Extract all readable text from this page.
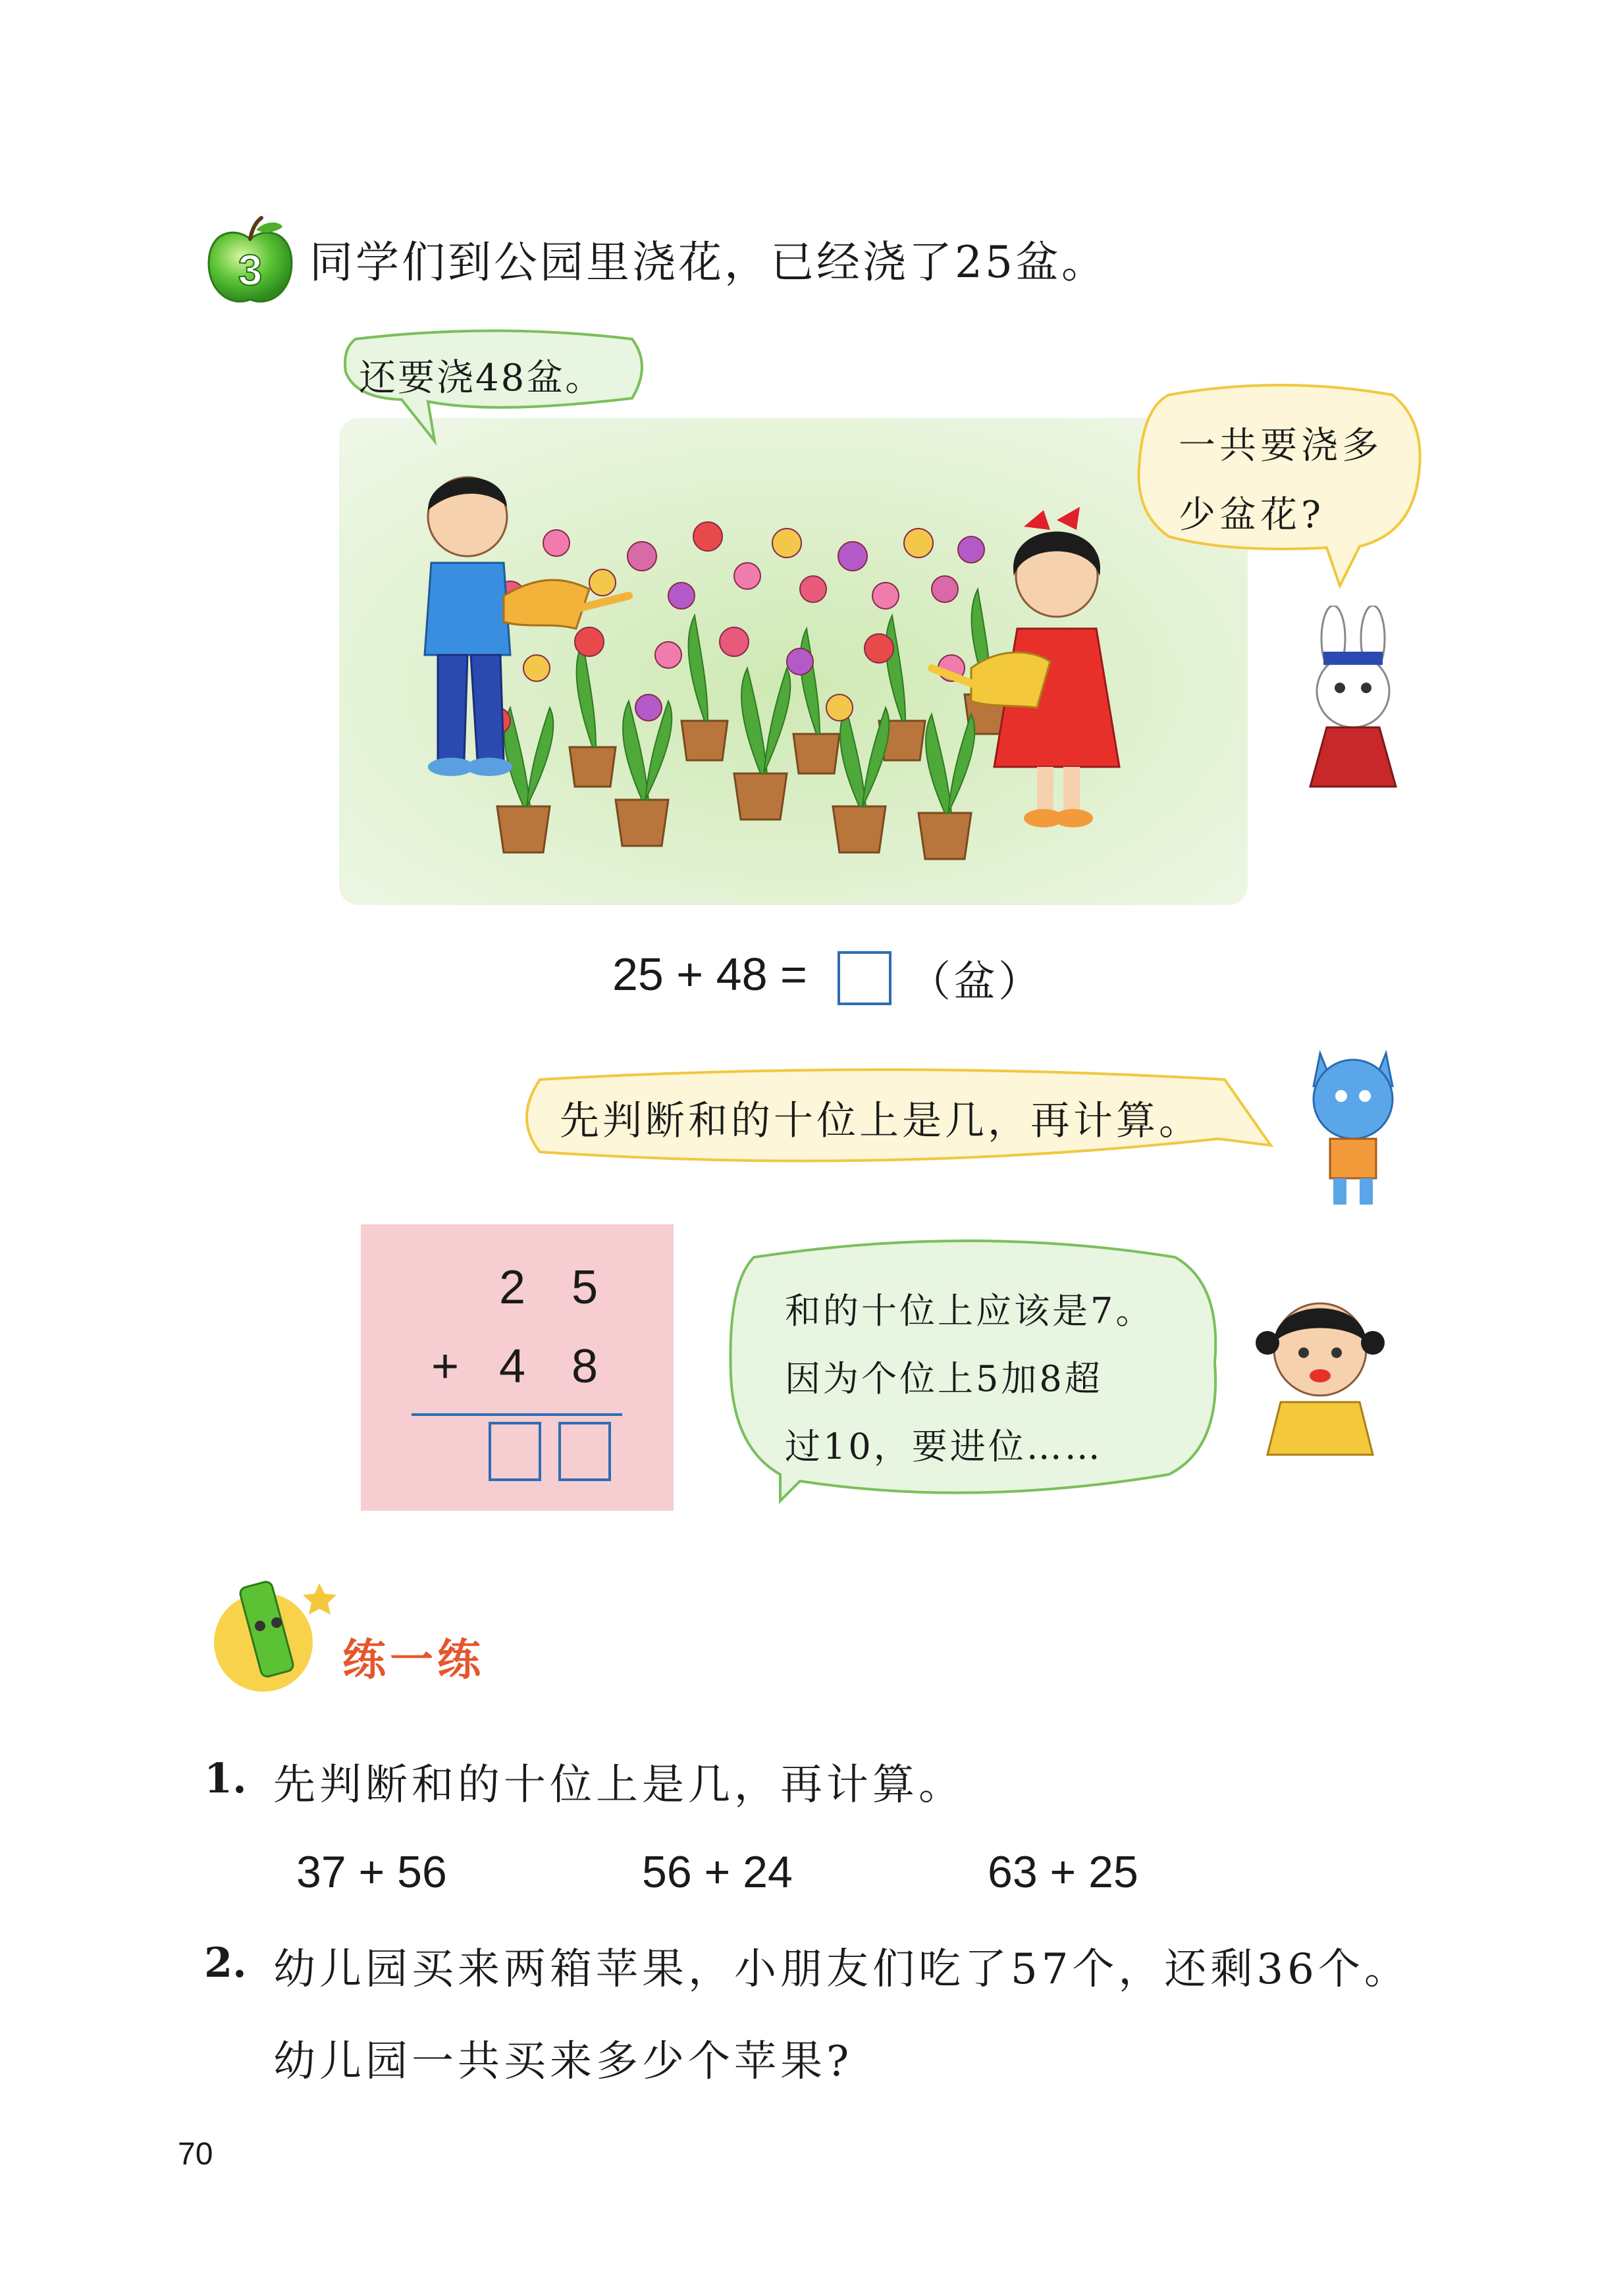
3 同学们到公园里浇花，已经浇了25盆。
还要浇48盆。
一共要浇多
少盆花?
25 + 48 = （盆）
先判断和的十位上是几，再计算。
2 5
+ 4 8
和的十位上应该是7。
因为个位上5加8超
过10，要进位……
练一练
1. 先判断和的十位上是几，再计算。
37 + 56	56 + 24	63 + 25
2. 幼儿园买来两箱苹果，小朋友们吃了57个，还剩36个。
幼儿园一共买来多少个苹果?
70
